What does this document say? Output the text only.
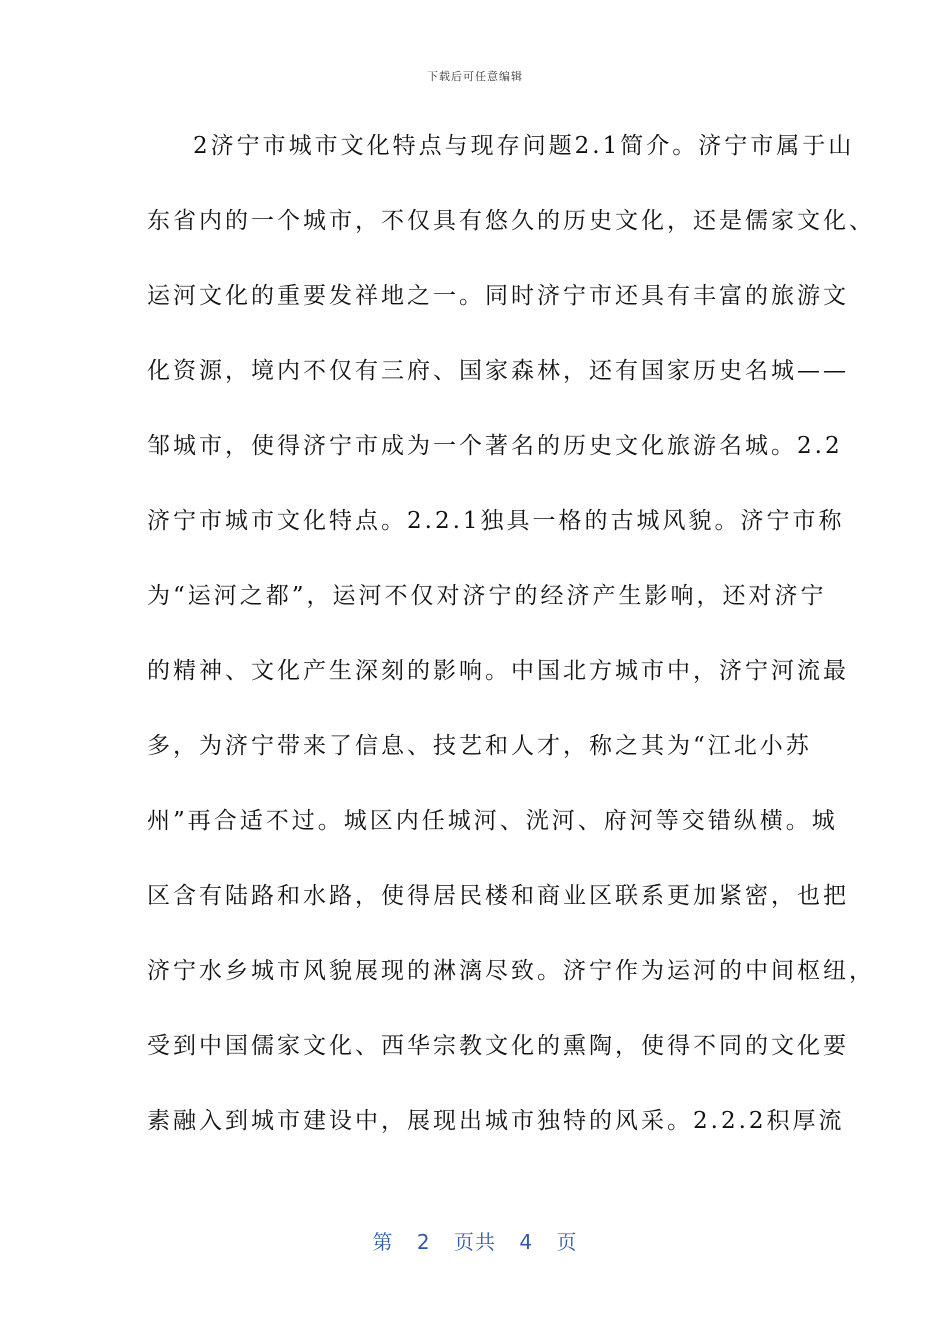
下载后可任意编辑
2济宁市城市文化特点与现存问题2.1简介。济宁市属于山
东省内的一个城市，不仅具有悠久的历史文化，还是儒家文化、
运河文化的重要发祥地之一。同时济宁市还具有丰富的旅游文
化资源，境内不仅有三府、国家森林，还有国家历史名城——
邹城市，使得济宁市成为一个著名的历史文化旅游名城。2.2
济宁市城市文化特点。2.2.1独具一格的古城风貌。济宁市称
为“运河之都”，运河不仅对济宁的经济产生影响，还对济宁
的精神、文化产生深刻的影响。中国北方城市中，济宁河流最
多，为济宁带来了信息、技艺和人才，称之其为“江北小苏
州”再合适不过。城区内任城河、洸河、府河等交错纵横。城
区含有陆路和水路，使得居民楼和商业区联系更加紧密，也把
济宁水乡城市风貌展现的淋漓尽致。济宁作为运河的中间枢纽，
受到中国儒家文化、西华宗教文化的熏陶，使得不同的文化要
素融入到城市建设中，展现出城市独特的风采。2.2.2积厚流
第 2 页共 4 页
